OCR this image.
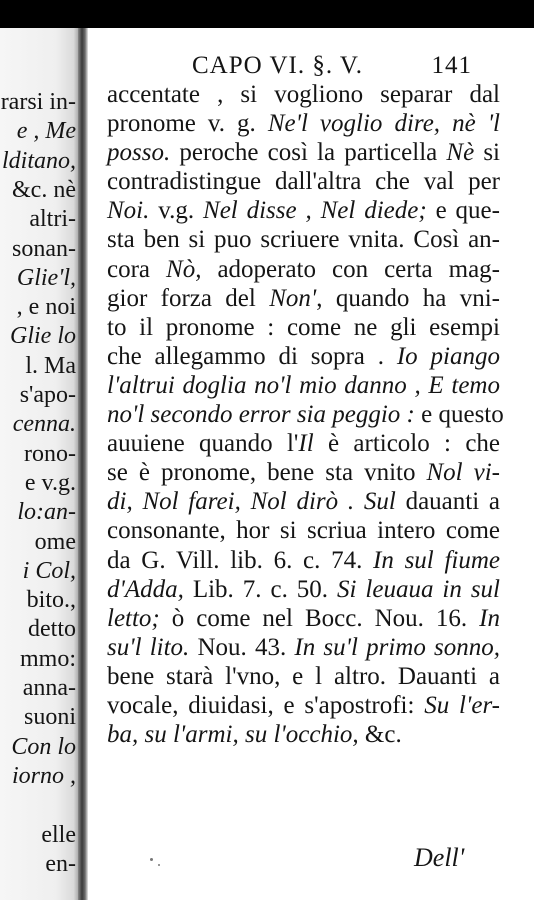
rarsi in-
e , Me
lditano,
&c. nè
altri-
sonan-
Glie'l,
, e noi
Glie lo
l. Ma
s'apo-
cenna.
rono-
e v.g.
lo:an-
ome
i Col,
bito.,
detto
mmo:
anna-
suoni
Con lo
iorno ,
elle
en-
CAPO VI. §. V.	141
accentate , si vogliono separar dal
pronome v. g. Ne'l voglio dire, nè 'l
posso. peroche così la particella Nè si
contradistingue dall'altra che val per
Noi. v.g. Nel disse , Nel diede; e que-
sta ben si puo scriuere vnita. Così an-
cora Nò, adoperato con certa mag-
gior forza del Non', quando ha vni-
to il pronome : come ne gli esempi
che allegammo di sopra . Io piango
l'altrui doglia no'l mio danno , E temo
no'l secondo error sia peggio : e questo
auuiene quando l'Il è articolo : che
se è pronome, bene sta vnito Nol vi-
di, Nol farei, Nol dirò . Sul dauanti a
consonante, hor si scriua intero come
da G. Vill. lib. 6. c. 74. In sul fiume
d'Adda, Lib. 7. c. 50. Si leuaua in sul
letto; ò come nel Bocc. Nou. 16. In
su'l lito. Nou. 43. In su'l primo sonno,
bene starà l'vno, e l altro. Dauanti a
vocale, diuidasi, e s'apostrofi: Su l'er-
ba, su l'armi, su l'occhio, &c.
Dell'
